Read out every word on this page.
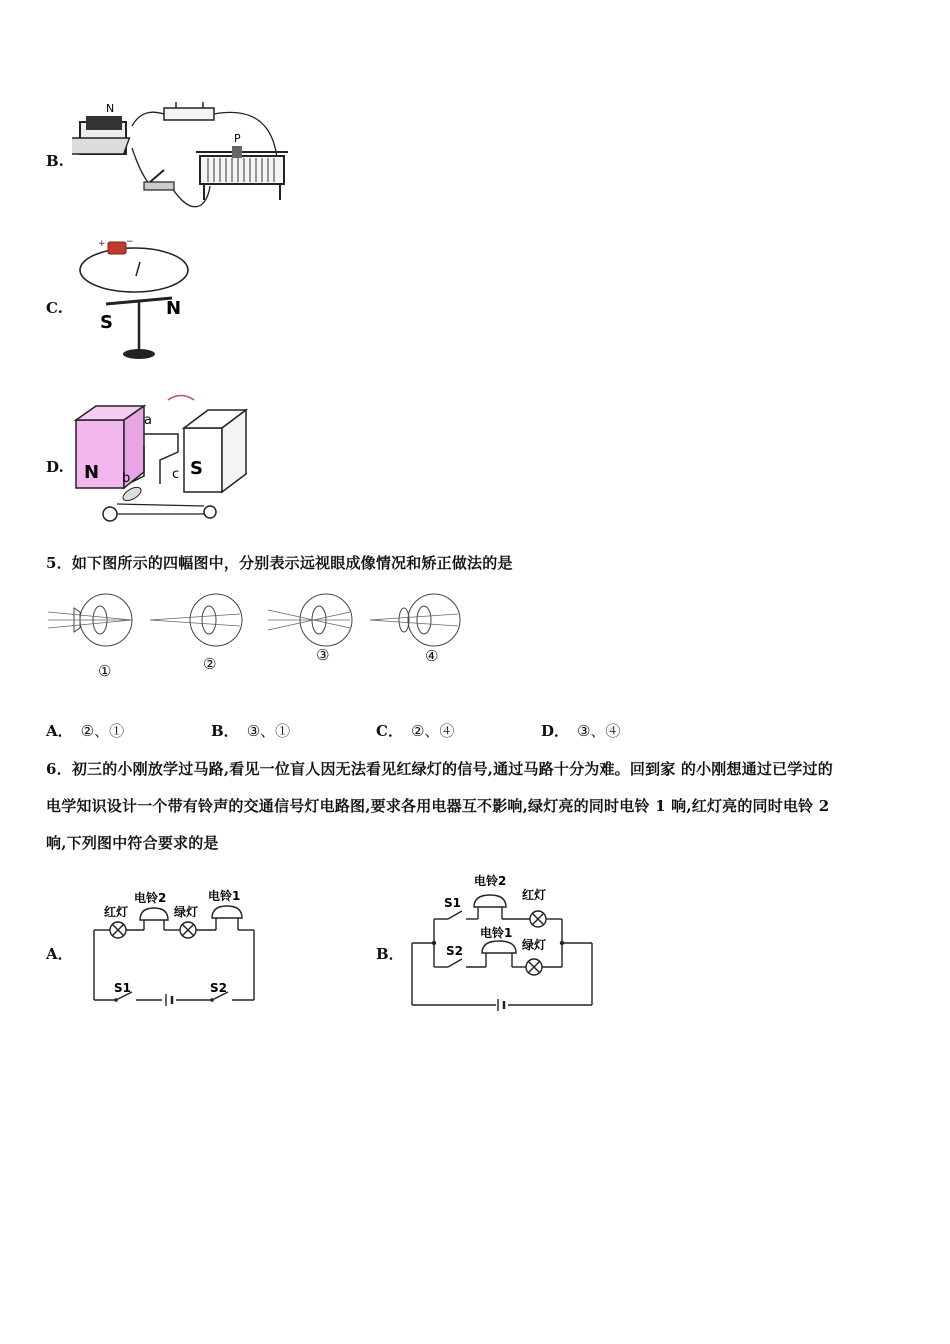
B.
N
P
C.
+ −
S
N
D. N	S
a
b	c
5．如下图所示的四幅图中，分别表示远视眼成像情况和矫正做法的是
①	②	③	④
A． ②、①	B． ③、①	C． ②、④	D． ③、④
6．初三的小刚放学过马路,看见一位盲人因无法看见红绿灯的信号,通过马路十分为难。回到家 的小刚想通过已学过的
电学知识设计一个带有铃声的交通信号灯电路图,要求各用电器互不影响,绿灯亮的同时电铃 1 响,红灯亮的同时电铃 2
响,下列图中符合要求的是
A．
红灯
电铃2
绿灯
电铃1
S1	S2
B．
S1
电铃2
红灯
S2
电铃1
绿灯
